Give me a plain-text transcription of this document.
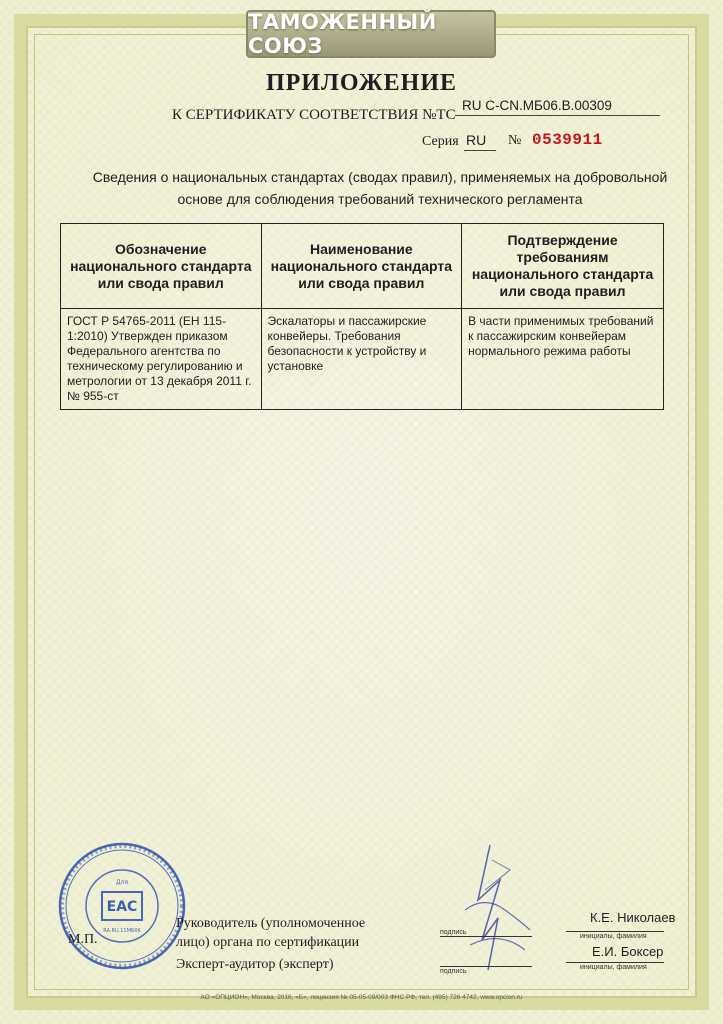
ТАМОЖЕННЫЙ СОЮЗ
ПРИЛОЖЕНИЕ
К СЕРТИФИКАТУ СООТВЕТСТВИЯ №ТС
RU C-CN.МБ06.В.00309
Серия RU № 0539911
Сведения о национальных стандартах (сводах правил), применяемых на добровольной
основе для соблюдения требований технического регламента
Обозначение национального стандарта или свода правил	Наименование национального стандарта или свода правил	Подтверждение требованиям национального стандарта или свода правил
ГОСТ Р 54765-2011 (ЕН 115-1:2010) Утвержден приказом Федерального агентства по техническому регулированию и метрологии от 13 декабря 2011 г. № 955-ст	Эскалаторы и пассажирские конвейеры. Требования безопасности к устройству и установке	В части применимых требований к пассажирским конвейерам нормального режима работы
ЕАС
Для
RA.RU.11МБ06
М.П.
Руководитель (уполномоченное
лицо) органа по сертификации
Эксперт-аудитор (эксперт)
подпись
К.Е. Николаев
инициалы, фамилия
подпись
Е.И. Боксер
инициалы, фамилия
АО «ОПЦИОН», Москва, 2016, «Б», лицензия № 05-05-09/003 ФНС РФ, тел. (495) 726 4742, www.opcion.ru
